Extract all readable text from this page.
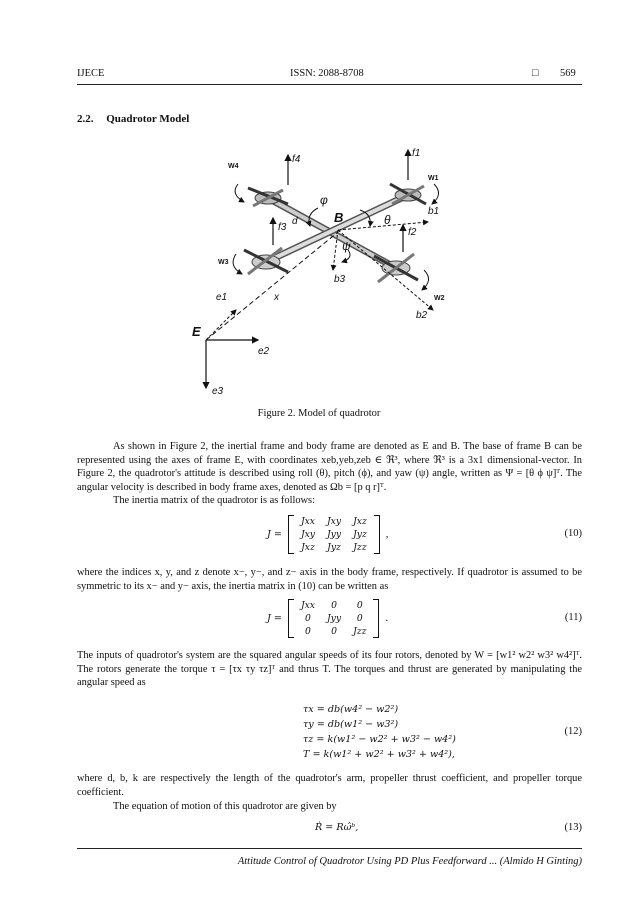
IJECE	ISSN: 2088-8708	□ 569
2.2. Quadrotor Model
W4
f4
f1
W1
b1
φ
B	θ
d
f3	f2
ψ
W3
b3
e1	x	W2
b2
E
e2
e3
Figure 2. Model of quadrotor

As shown in Figure 2, the inertial frame and body frame are denoted as E and B. The base of frame B can be represented using the axes of frame E, with coordinates xeb,yeb,zeb ∈ ℜ³, where ℜ³ is a 3x1 dimensional-vector. In Figure 2, the quadrotor's attitude is described using roll (θ), pitch (ϕ), and yaw (ψ) angle, written as Ψ = [θ ϕ ψ]ᵀ. The angular velocity is described in body frame axes, denoted as Ωb = [p q r]ᵀ.

The inertia matrix of the quadrotor is as follows:

J =
Jxx	Jxy	Jxz
Jxy	Jyy	Jyz
Jxz	Jyz	Jzz
,	(10)

where the indices x, y, and z denote x−, y−, and z− axis in the body frame, respectively. If quadrotor is assumed to be symmetric to its x− and y− axis, the inertia matrix in (10) can be written as

J =
Jxx	0	0
0	Jyy	0
0	0	Jzz
.	(11)

The inputs of quadrotor's system are the squared angular speeds of its four rotors, denoted by W = [w1² w2² w3² w4²]ᵀ. The rotors generate the torque τ = [τx τy τz]ᵀ and thrus T. The torques and thrust are generated by manipulating the angular speed as

τx = db(w4² − w2²)
τy = db(w1² − w3²)
τz = k(w1² − w2² + w3² − w4²)
T = k(w1² + w2² + w3² + w4²),
(12)

where d, b, k are respectively the length of the quadrotor's arm, propeller thrust coefficient, and propeller torque coefficient.

The equation of motion of this quadrotor are given by

Ṙ = Rω̂ᵇ,	(13)
Attitude Control of Quadrotor Using PD Plus Feedforward ... (Almido H Ginting)
